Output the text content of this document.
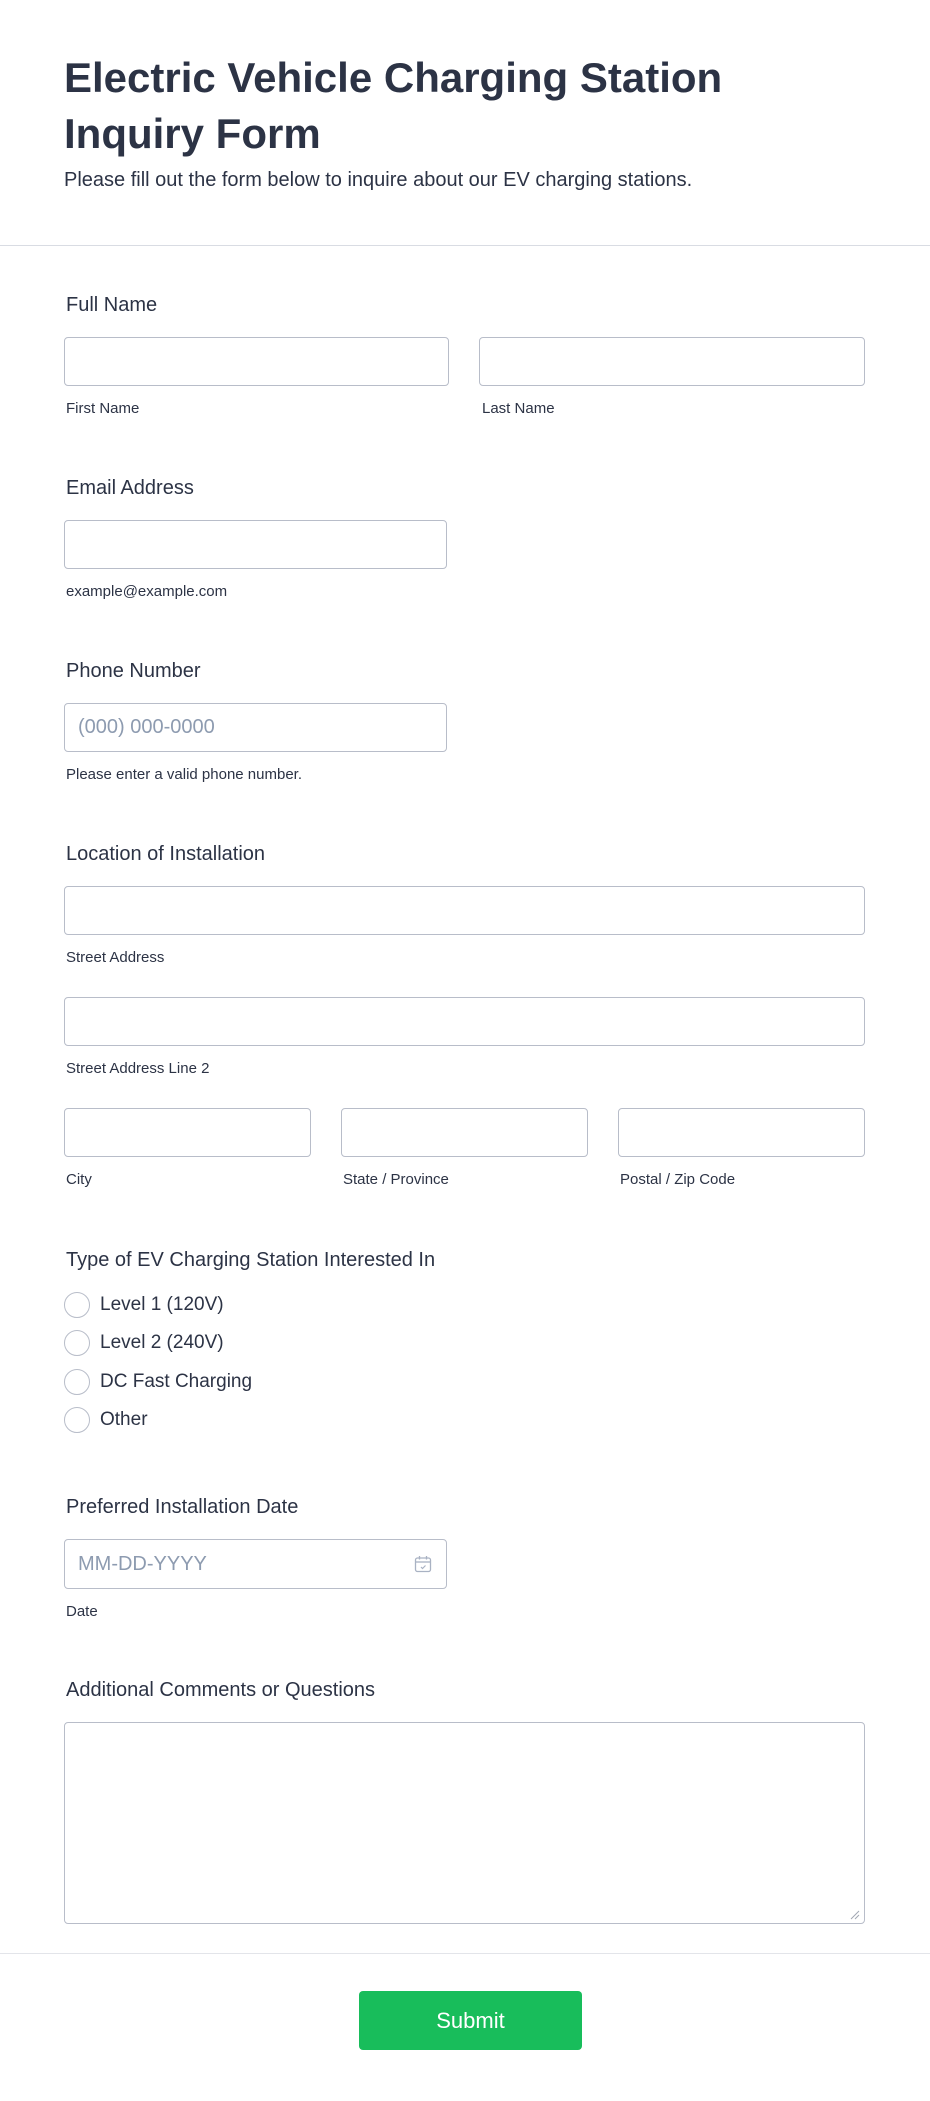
Electric Vehicle Charging Station Inquiry Form

Please fill out the form below to inquire about our EV charging stations.

Full Name
First Name	Last Name
Email Address
example@example.com
Phone Number
(000) 000-0000
Please enter a valid phone number.
Location of Installation
Street Address
Street Address Line 2
City	State / Province	Postal / Zip Code
Type of EV Charging Station Interested In
Level 1 (120V)
Level 2 (240V)
DC Fast Charging
Other
Preferred Installation Date
MM-DD-YYYY
Date
Additional Comments or Questions
Submit
